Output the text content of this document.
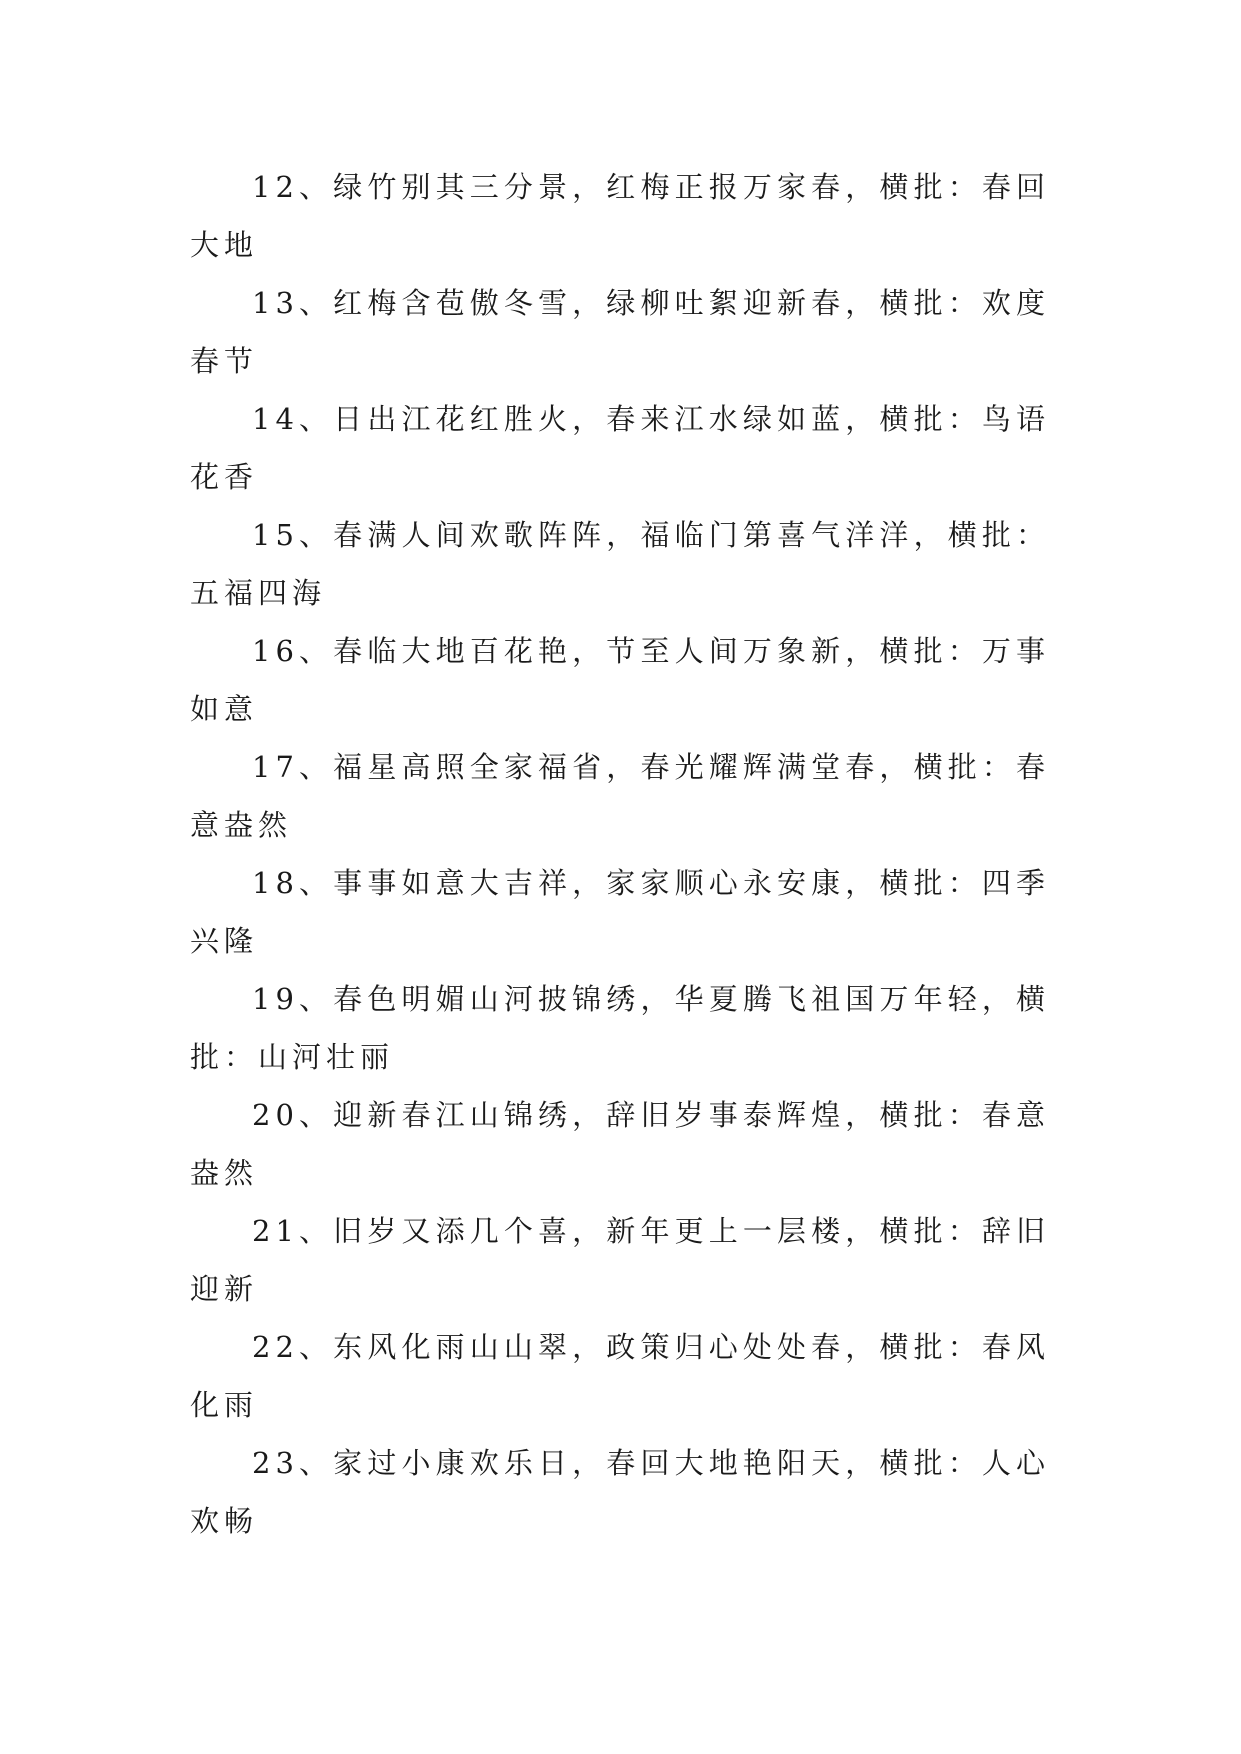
12、绿竹别其三分景，红梅正报万家春，横批：春回大地

13、红梅含苞傲冬雪，绿柳吐絮迎新春，横批：欢度春节

14、日出江花红胜火，春来江水绿如蓝，横批：鸟语花香

15、春满人间欢歌阵阵，福临门第喜气洋洋，横批：五福四海

16、春临大地百花艳，节至人间万象新，横批：万事如意

17、福星高照全家福省，春光耀辉满堂春，横批：春意盎然

18、事事如意大吉祥，家家顺心永安康，横批：四季兴隆

19、春色明媚山河披锦绣，华夏腾飞祖国万年轻，横批：山河壮丽

20、迎新春江山锦绣，辞旧岁事泰辉煌，横批：春意盎然

21、旧岁又添几个喜，新年更上一层楼，横批：辞旧迎新

22、东风化雨山山翠，政策归心处处春，横批：春风化雨

23、家过小康欢乐日，春回大地艳阳天，横批：人心欢畅
